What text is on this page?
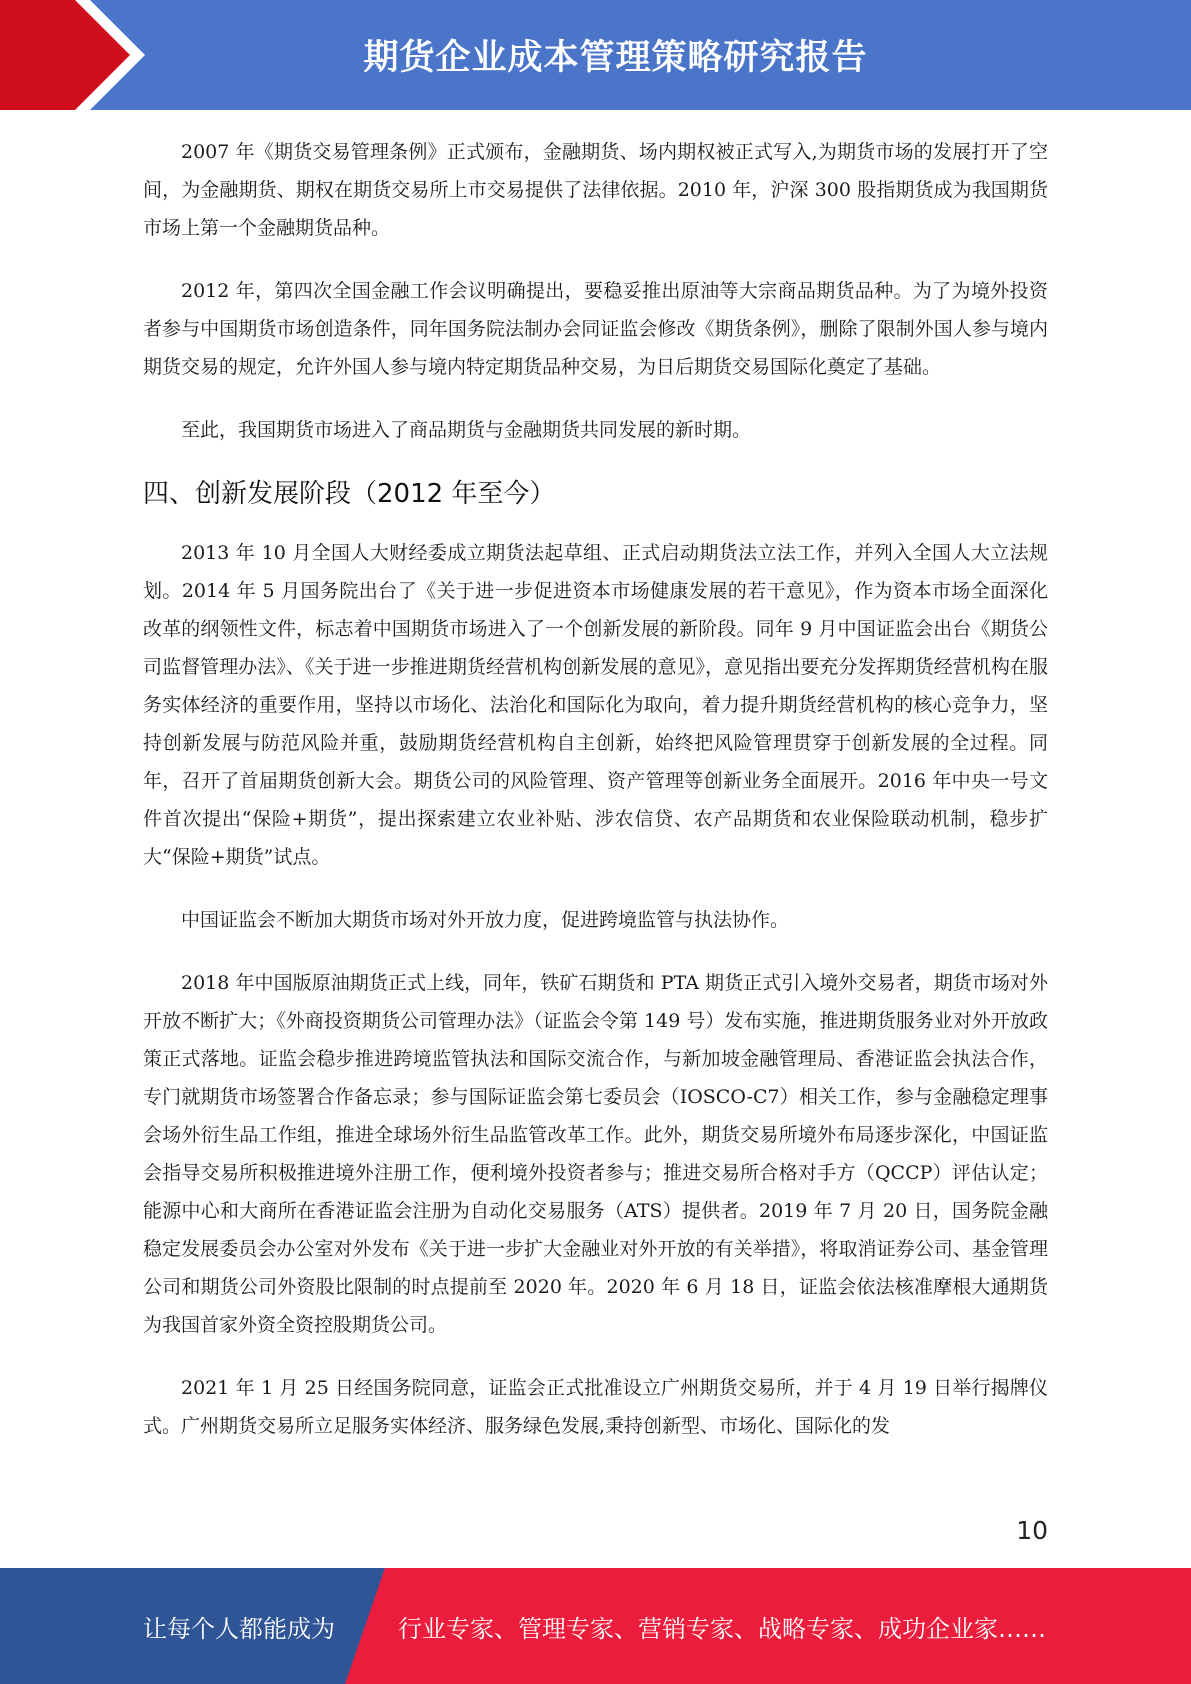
期货企业成本管理策略研究报告

2007 年《期货交易管理条例》正式颁布，金融期货、场内期权被正式写入,为期货市场的发展打开了空间，为金融期货、期权在期货交易所上市交易提供了法律依据。2010 年，沪深 300 股指期货成为我国期货市场上第一个金融期货品种。

2012 年，第四次全国金融工作会议明确提出，要稳妥推出原油等大宗商品期货品种。为了为境外投资者参与中国期货市场创造条件，同年国务院法制办会同证监会修改《期货条例》，删除了限制外国人参与境内期货交易的规定，允许外国人参与境内特定期货品种交易，为日后期货交易国际化奠定了基础。

至此，我国期货市场进入了商品期货与金融期货共同发展的新时期。

四、创新发展阶段（2012 年至今）

2013 年 10 月全国人大财经委成立期货法起草组、正式启动期货法立法工作，并列入全国人大立法规划。2014 年 5 月国务院出台了《关于进一步促进资本市场健康发展的若干意见》，作为资本市场全面深化改革的纲领性文件，标志着中国期货市场进入了一个创新发展的新阶段。同年 9 月中国证监会出台《期货公司监督管理办法》、《关于进一步推进期货经营机构创新发展的意见》，意见指出要充分发挥期货经营机构在服务实体经济的重要作用，坚持以市场化、法治化和国际化为取向，着力提升期货经营机构的核心竞争力，坚持创新发展与防范风险并重，鼓励期货经营机构自主创新，始终把风险管理贯穿于创新发展的全过程。同年，召开了首届期货创新大会。期货公司的风险管理、资产管理等创新业务全面展开。2016 年中央一号文件首次提出“保险+期货”，提出探索建立农业补贴、涉农信贷、农产品期货和农业保险联动机制，稳步扩大“保险+期货”试点。

中国证监会不断加大期货市场对外开放力度，促进跨境监管与执法协作。

2018 年中国版原油期货正式上线，同年，铁矿石期货和 PTA 期货正式引入境外交易者，期货市场对外开放不断扩大；《外商投资期货公司管理办法》（证监会令第 149 号）发布实施，推进期货服务业对外开放政策正式落地。证监会稳步推进跨境监管执法和国际交流合作，与新加坡金融管理局、香港证监会执法合作，专门就期货市场签署合作备忘录；参与国际证监会第七委员会（IOSCO-C7）相关工作，参与金融稳定理事会场外衍生品工作组，推进全球场外衍生品监管改革工作。此外，期货交易所境外布局逐步深化，中国证监会指导交易所积极推进境外注册工作，便利境外投资者参与；推进交易所合格对手方（QCCP）评估认定；能源中心和大商所在香港证监会注册为自动化交易服务（ATS）提供者。2019 年 7 月 20 日，国务院金融稳定发展委员会办公室对外发布《关于进一步扩大金融业对外开放的有关举措》，将取消证券公司、基金管理公司和期货公司外资股比限制的时点提前至 2020 年。2020 年 6 月 18 日，证监会依法核准摩根大通期货为我国首家外资全资控股期货公司。

2021 年 1 月 25 日经国务院同意，证监会正式批准设立广州期货交易所，并于 4 月 19 日举行揭牌仪式。广州期货交易所立足服务实体经济、服务绿色发展,秉持创新型、市场化、国际化的发

10
让每个人都能成为	行业专家、管理专家、营销专家、战略专家、成功企业家……
